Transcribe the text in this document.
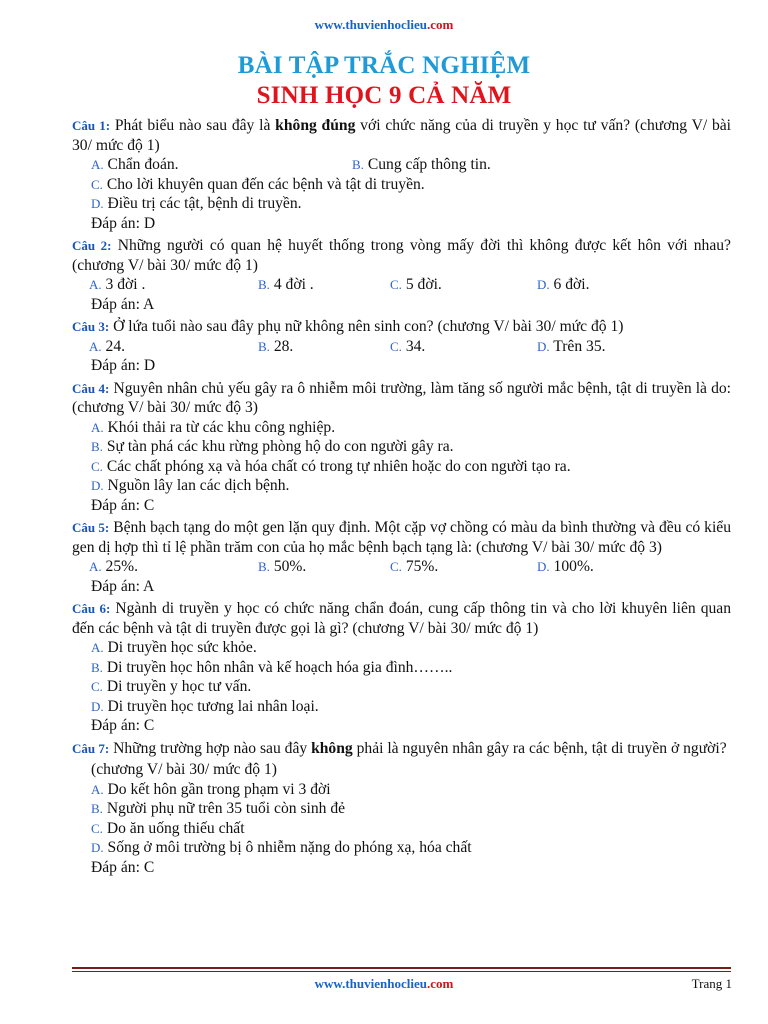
www.thuvienhoclieu.com
BÀI TẬP TRẮC NGHIỆM
SINH HỌC 9 CẢ NĂM

Câu 1: Phát biểu nào sau đây là không đúng với chức năng của di truyền y học tư vấn? (chương V/ bài 30/ mức độ 1)

A. Chẩn đoán.	B. Cung cấp thông tin.
C. Cho lời khuyên quan đến các bệnh và tật di truyền.
D. Điều trị các tật, bệnh di truyền.
Đáp án: D

Câu 2: Những người có quan hệ huyết thống trong vòng mấy đời thì không được kết hôn với nhau? (chương V/ bài 30/ mức độ 1)

A. 3 đời .	B. 4 đời .	C. 5 đời.	D. 6 đời.
Đáp án: A

Câu 3: Ở lứa tuổi nào sau đây phụ nữ không nên sinh con? (chương V/ bài 30/ mức độ 1)

A. 24.	B. 28.	C. 34.	D. Trên 35.
Đáp án: D

Câu 4: Nguyên nhân chủ yếu gây ra ô nhiễm môi trường, làm tăng số người mắc bệnh, tật di truyền là do: (chương V/ bài 30/ mức độ 3)

A. Khói thải ra từ các khu công nghiệp.
B. Sự tàn phá các khu rừng phòng hộ do con người gây ra.
C. Các chất phóng xạ và hóa chất có trong tự nhiên hoặc do con người tạo ra.
D. Nguồn lây lan các dịch bệnh.
Đáp án: C

Câu 5: Bệnh bạch tạng do một gen lặn quy định. Một cặp vợ chồng có màu da bình thường và đều có kiểu gen dị hợp thì tỉ lệ phần trăm con của họ mắc bệnh bạch tạng là: (chương V/ bài 30/ mức độ 3)

A. 25%.	B. 50%.	C. 75%.	D. 100%.
Đáp án: A

Câu 6: Ngành di truyền y học có chức năng chẩn đoán, cung cấp thông tin và cho lời khuyên liên quan đến các bệnh và tật di truyền được gọi là gì? (chương V/ bài 30/ mức độ 1)

A. Di truyền học sức khỏe.
B. Di truyền học hôn nhân và kế hoạch hóa gia đình……..
C. Di truyền y học tư vấn.
D. Di truyền học tương lai nhân loại.
Đáp án: C

Câu 7: Những trường hợp nào sau đây không phải là nguyên nhân gây ra các bệnh, tật di truyền ở người?

(chương V/ bài 30/ mức độ 1)
A. Do kết hôn gần trong phạm vi 3 đời
B. Người phụ nữ trên 35 tuổi còn sinh đẻ
C. Do ăn uống thiếu chất
D. Sống ở môi trường bị ô nhiễm nặng do phóng xạ, hóa chất
Đáp án: C
www.thuvienhoclieu.com	Trang 1
